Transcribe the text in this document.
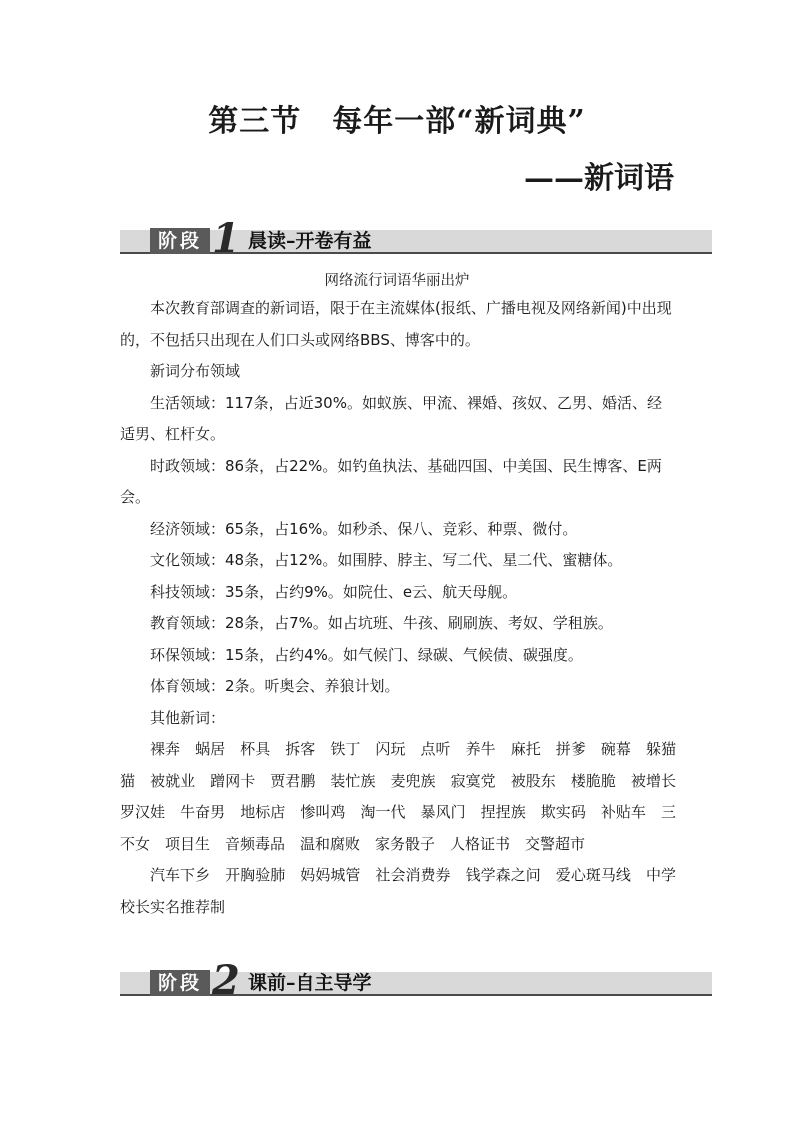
第三节　每年一部“新词典”
——新词语
阶段 1 晨读–开卷有益
网络流行词语华丽出炉

本次教育部调查的新词语，限于在主流媒体(报纸、广播电视及网络新闻)中出现的，不包括只出现在人们口头或网络BBS、博客中的。

新词分布领域

生活领域：117条，占近30%。如蚁族、甲流、裸婚、孩奴、乙男、婚活、经适男、杠杆女。

时政领域：86条，占22%。如钓鱼执法、基础四国、中美国、民生博客、E两会。

经济领域：65条，占16%。如秒杀、保八、竞彩、种票、微付。

文化领域：48条，占12%。如围脖、脖主、写二代、星二代、蜜糖体。

科技领域：35条，占约9%。如院仕、e云、航天母舰。

教育领域：28条，占7%。如占坑班、牛孩、刷刷族、考奴、学租族。

环保领域：15条，占约4%。如气候门、绿碳、气候债、碳强度。

体育领域：2条。听奥会、养狼计划。

其他新词：

裸奔　蜗居　杯具　拆客　铁丁　闪玩　点听　养牛　麻托　拼爹　碗幕　躲猫猫　被就业　蹭网卡　贾君鹏　装忙族　麦兜族　寂寞党　被股东　楼脆脆　被增长　罗汉娃　牛奋男　地标店　惨叫鸡　淘一代　暴风门　捏捏族　欺实码　补贴车　三不女　项目生　音频毒品　温和腐败　家务骰子　人格证书　交警超市

汽车下乡　开胸验肺　妈妈城管　社会消费券　钱学森之问　爱心斑马线　中学校长实名推荐制

阶段 2 课前–自主导学
